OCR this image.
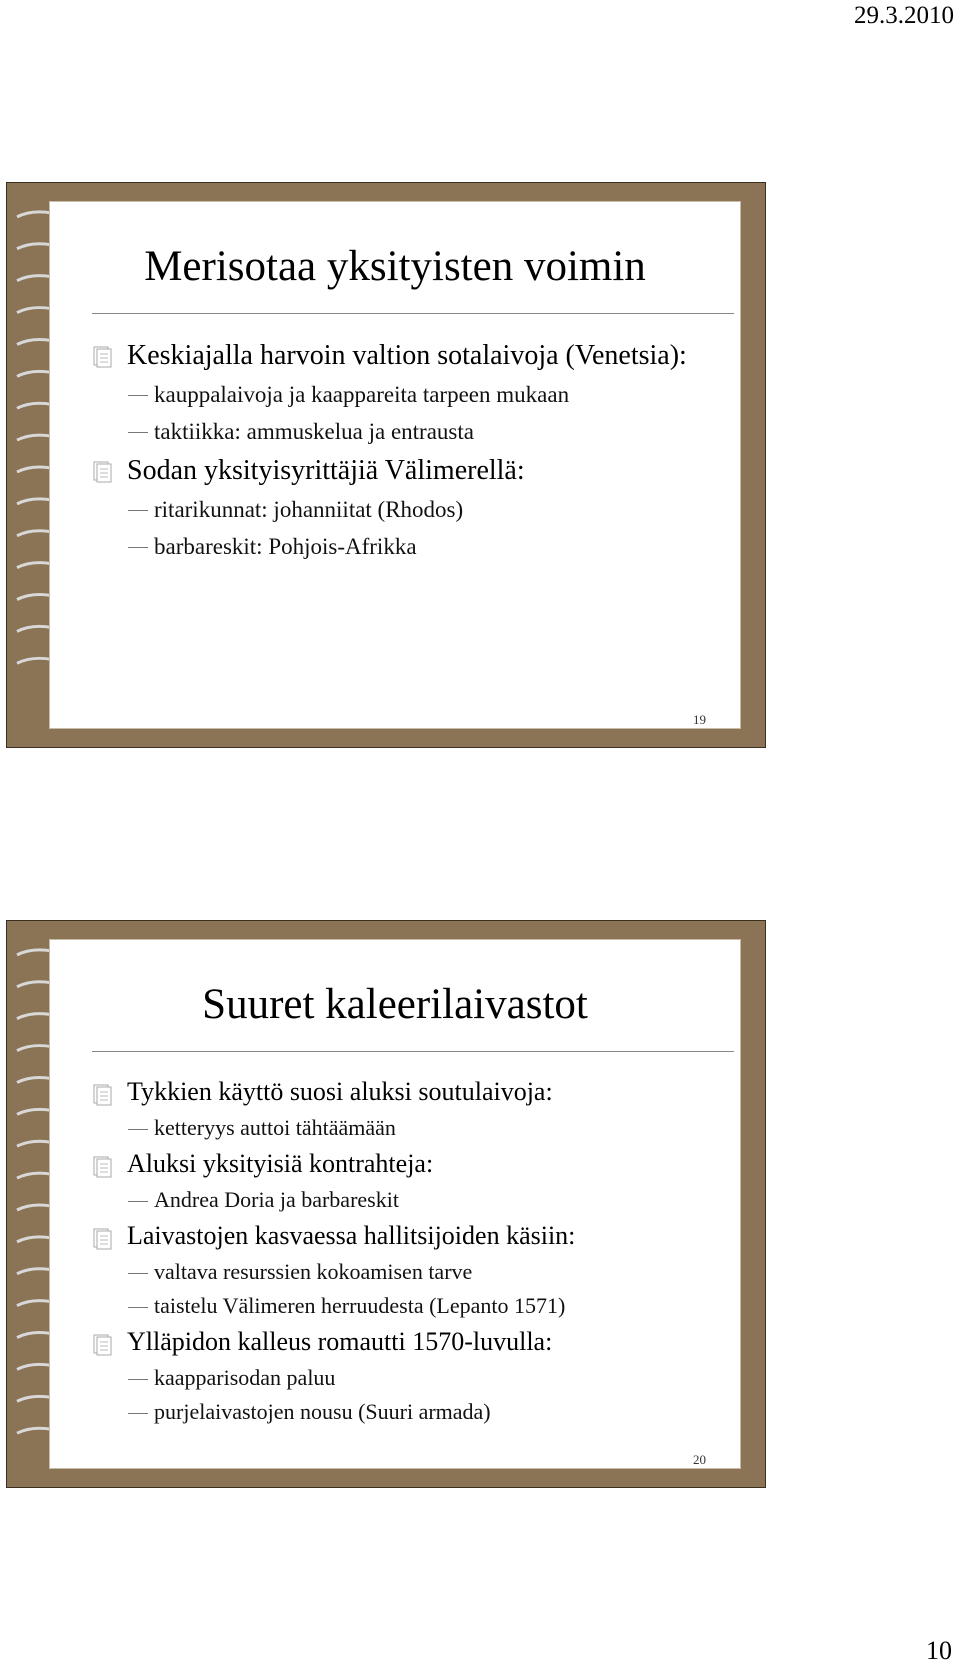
29.3.2010
Merisotaa yksityisten voimin
Keskiajalla harvoin valtion sotalaivoja (Venetsia):
kauppalaivoja ja kaappareita tarpeen mukaan
taktiikka: ammuskelua ja entrausta
Sodan yksityisyrittäjiä Välimerellä:
ritarikunnat: johanniitat (Rhodos)
barbareskit: Pohjois-Afrikka
19
Suuret kaleerilaivastot
Tykkien käyttö suosi aluksi soutulaivoja:
ketteryys auttoi tähtäämään
Aluksi yksityisiä kontrahteja:
Andrea Doria ja barbareskit
Laivastojen kasvaessa hallitsijoiden käsiin:
valtava resurssien kokoamisen tarve
taistelu Välimeren herruudesta (Lepanto 1571)
Ylläpidon kalleus romautti 1570-luvulla:
kaapparisodan paluu
purjelaivastojen nousu (Suuri armada)
20
10
